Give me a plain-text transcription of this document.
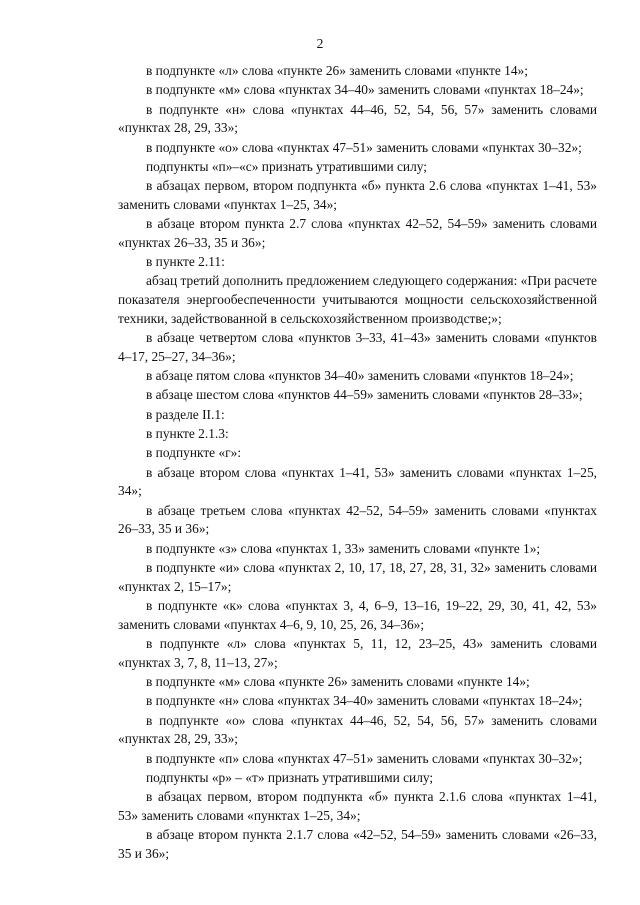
2

в подпункте «л» слова «пункте 26» заменить словами «пункте 14»;

в подпункте «м» слова «пунктах 34–40» заменить словами «пунктах 18–24»;

в подпункте «н» слова «пунктах 44–46, 52, 54, 56, 57» заменить словами «пунктах 28, 29, 33»;

в подпункте «о» слова «пунктах 47–51» заменить словами «пунктах 30–32»;

подпункты «п»–«с» признать утратившими силу;

в абзацах первом, втором подпункта «б» пункта 2.6 слова «пунктах 1–41, 53» заменить словами «пунктах 1–25, 34»;

в абзаце втором пункта 2.7 слова «пунктах 42–52, 54–59» заменить словами «пунктах 26–33, 35 и 36»;

в пункте 2.11:

абзац третий дополнить предложением следующего содержания: «При расчете показателя энергообеспеченности учитываются мощности сельскохозяйственной техники, задействованной в сельскохозяйственном производстве;»;

в абзаце четвертом слова «пунктов 3–33, 41–43» заменить словами «пунктов 4–17, 25–27, 34–36»;

в абзаце пятом слова «пунктов 34–40» заменить словами «пунктов 18–24»;

в абзаце шестом слова «пунктов 44–59» заменить словами «пунктов 28–33»;

в разделе II.1:

в пункте 2.1.3:

в подпункте «г»:

в абзаце втором слова «пунктах 1–41, 53» заменить словами «пунктах 1–25, 34»;

в абзаце третьем слова «пунктах 42–52, 54–59» заменить словами «пунктах 26–33, 35 и 36»;

в подпункте «з» слова «пунктах 1, 33» заменить словами «пункте 1»;

в подпункте «и» слова «пунктах 2, 10, 17, 18, 27, 28, 31, 32» заменить словами «пунктах 2, 15–17»;

в подпункте «к» слова «пунктах 3, 4, 6–9, 13–16, 19–22, 29, 30, 41, 42, 53» заменить словами «пунктах 4–6, 9, 10, 25, 26, 34–36»;

в подпункте «л» слова «пунктах 5, 11, 12, 23–25, 43» заменить словами «пунктах 3, 7, 8, 11–13, 27»;

в подпункте «м» слова «пункте 26» заменить словами «пункте 14»;

в подпункте «н» слова «пунктах 34–40» заменить словами «пунктах 18–24»;

в подпункте «о» слова «пунктах 44–46, 52, 54, 56, 57» заменить словами «пунктах 28, 29, 33»;

в подпункте «п» слова «пунктах 47–51» заменить словами «пунктах 30–32»;

подпункты «р» – «т» признать утратившими силу;

в абзацах первом, втором подпункта «б» пункта 2.1.6 слова «пунктах 1–41, 53» заменить словами «пунктах 1–25, 34»;

в абзаце втором пункта 2.1.7 слова «42–52, 54–59» заменить словами «26–33, 35 и 36»;
